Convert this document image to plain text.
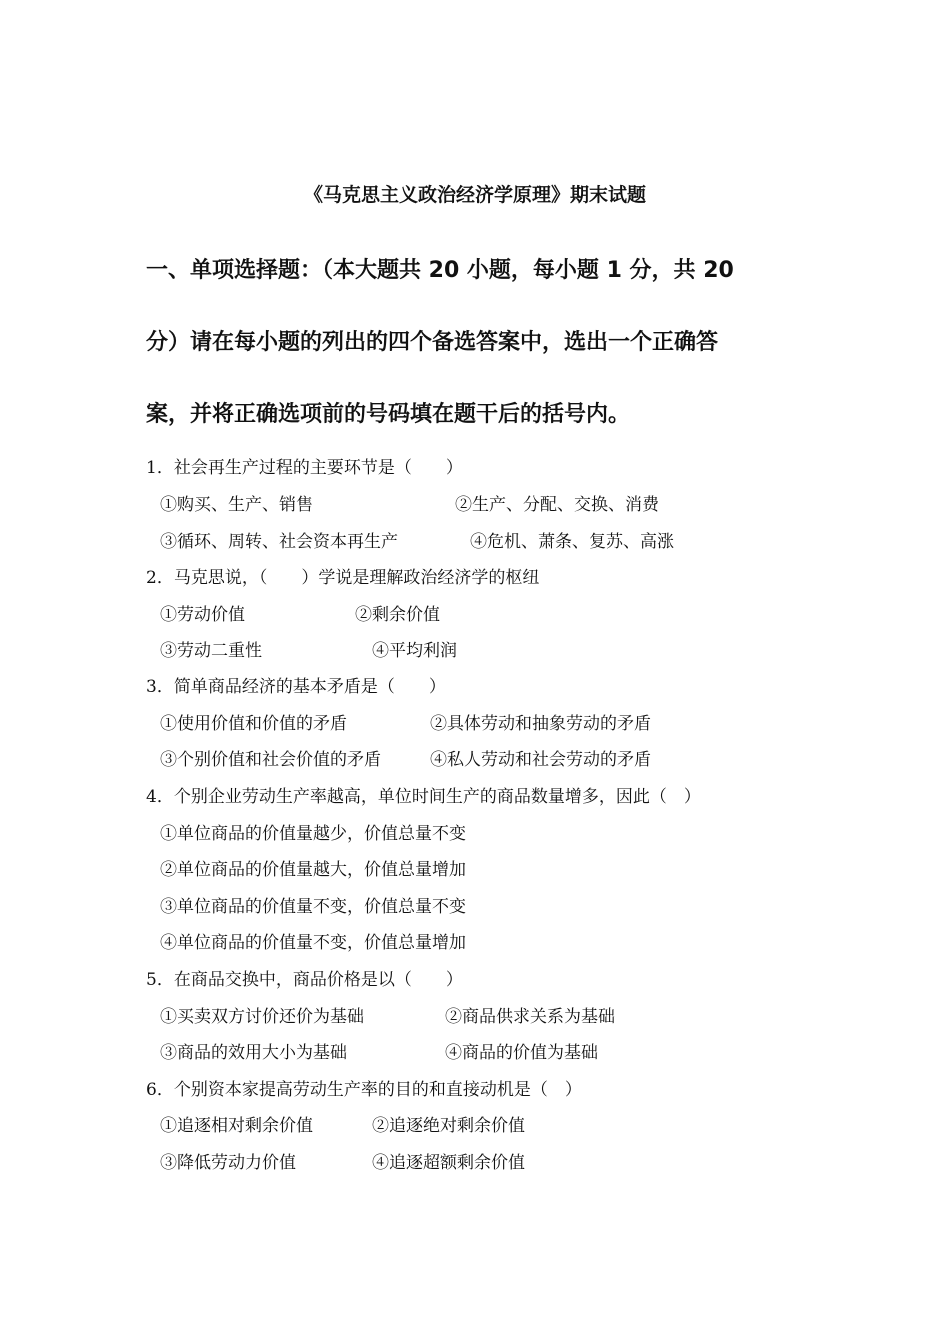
《马克思主义政治经济学原理》期末试题
一、单项选择题：（本大题共 20 小题，每小题 1 分，共 20
分）请在每小题的列出的四个备选答案中，选出一个正确答
案，并将正确选项前的号码填在题干后的括号内。
1．社会再生产过程的主要环节是（　　）
①购买、生产、销售	②生产、分配、交换、消费
③循环、周转、社会资本再生产	④危机、萧条、复苏、高涨
2．马克思说，（　　）学说是理解政治经济学的枢纽
①劳动价值	②剩余价值
③劳动二重性	④平均利润
3．简单商品经济的基本矛盾是（　　）
①使用价值和价值的矛盾	②具体劳动和抽象劳动的矛盾
③个别价值和社会价值的矛盾	④私人劳动和社会劳动的矛盾
4．个别企业劳动生产率越高，单位时间生产的商品数量增多，因此（　）
①单位商品的价值量越少，价值总量不变
②单位商品的价值量越大，价值总量增加
③单位商品的价值量不变，价值总量不变
④单位商品的价值量不变，价值总量增加
5．在商品交换中，商品价格是以（　　）
①买卖双方讨价还价为基础	②商品供求关系为基础
③商品的效用大小为基础	④商品的价值为基础
6．个别资本家提高劳动生产率的目的和直接动机是（　）
①追逐相对剩余价值	②追逐绝对剩余价值
③降低劳动力价值	④追逐超额剩余价值
